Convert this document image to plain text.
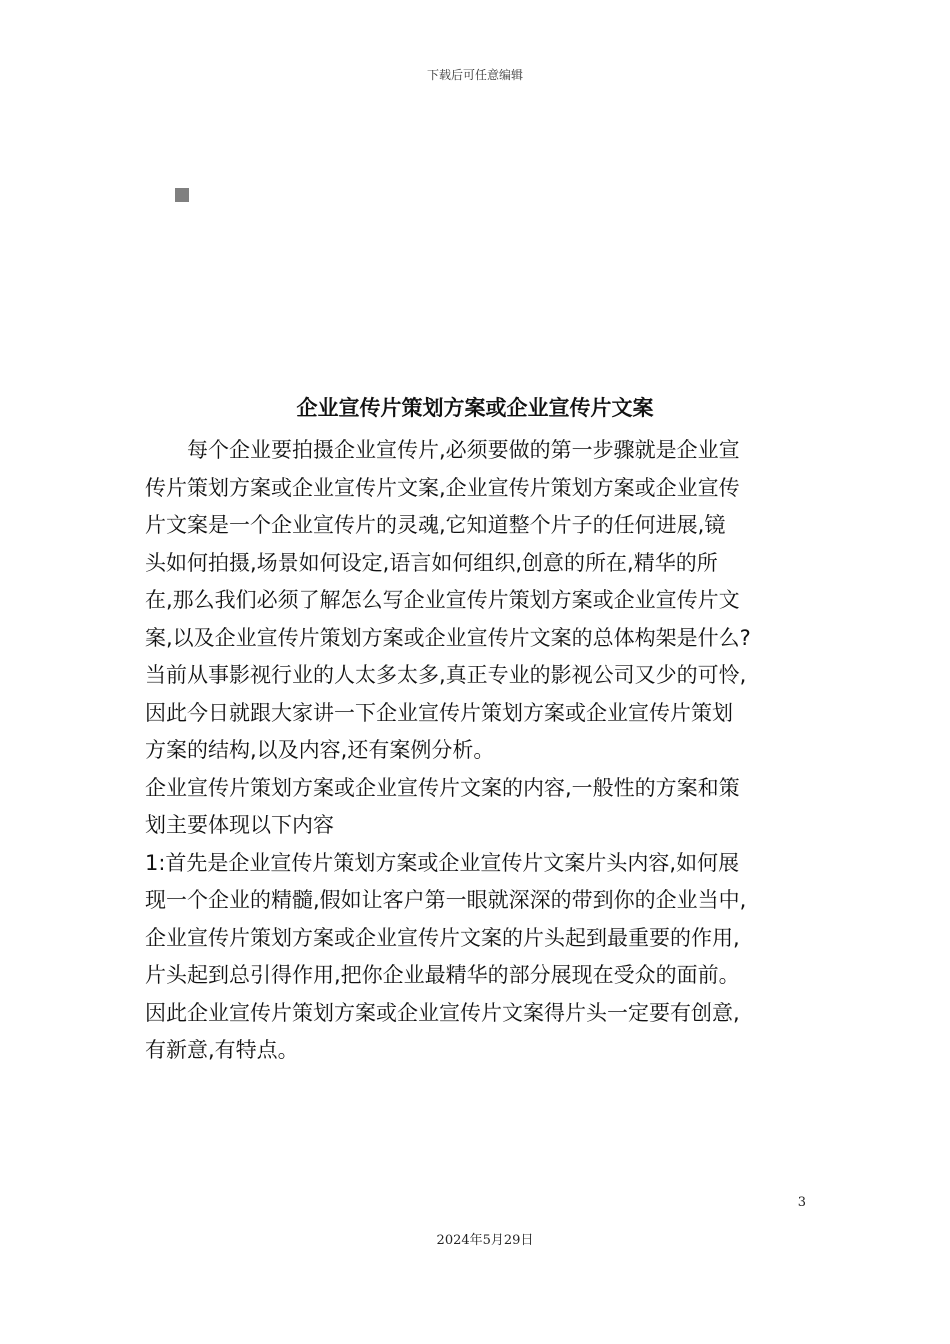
下载后可任意编辑
企业宣传片策划方案或企业宣传片文案

　　每个企业要拍摄企业宣传片,必须要做的第一步骤就是企业宣
传片策划方案或企业宣传片文案,企业宣传片策划方案或企业宣传
片文案是一个企业宣传片的灵魂,它知道整个片子的任何进展,镜
头如何拍摄,场景如何设定,语言如何组织,创意的所在,精华的所
在,那么我们必须了解怎么写企业宣传片策划方案或企业宣传片文
案,以及企业宣传片策划方案或企业宣传片文案的总体构架是什么?
当前从事影视行业的人太多太多,真正专业的影视公司又少的可怜,
因此今日就跟大家讲一下企业宣传片策划方案或企业宣传片策划
方案的结构,以及内容,还有案例分析。

企业宣传片策划方案或企业宣传片文案的内容,一般性的方案和策
划主要体现以下内容

1:首先是企业宣传片策划方案或企业宣传片文案片头内容,如何展
现一个企业的精髓,假如让客户第一眼就深深的带到你的企业当中,
企业宣传片策划方案或企业宣传片文案的片头起到最重要的作用,
片头起到总引得作用,把你企业最精华的部分展现在受众的面前。
因此企业宣传片策划方案或企业宣传片文案得片头一定要有创意,
有新意,有特点。

3
2024年5月29日
